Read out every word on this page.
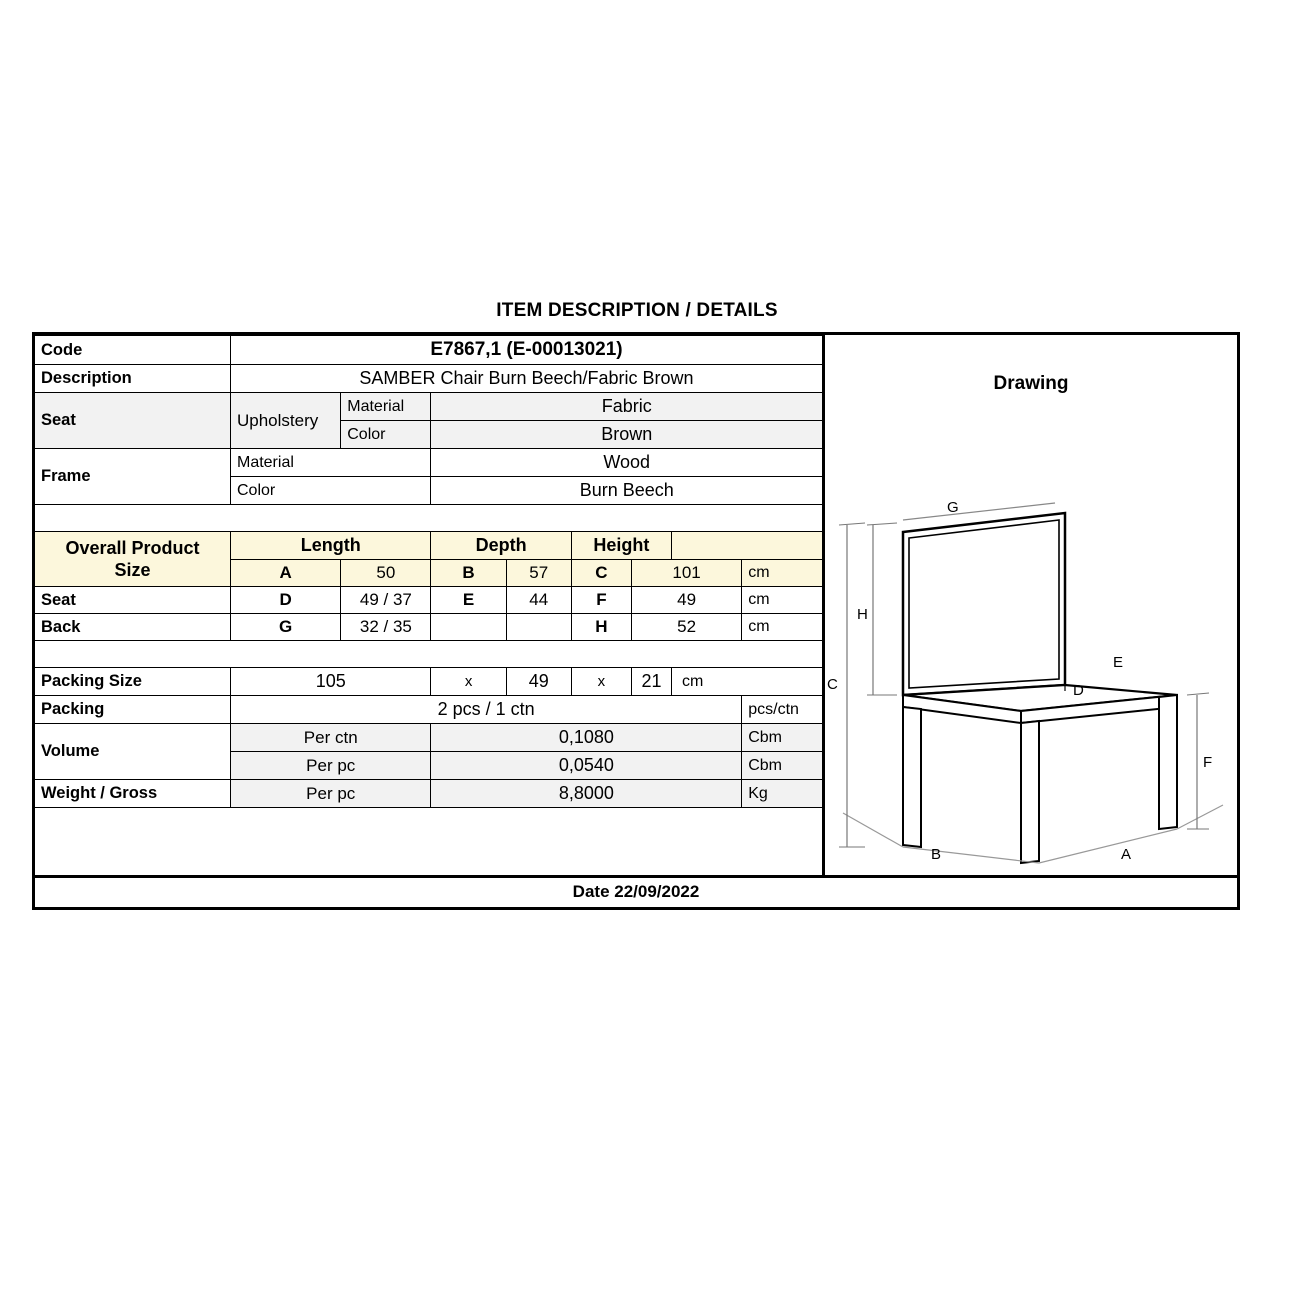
ITEM DESCRIPTION / DETAILS
Code	E7867,1 (E-00013021)							
Description	SAMBER Chair Burn Beech/Fabric Brown							
Seat	Upholstery	Material	Fabric					
		Color	Brown					
Frame	Material		Wood					
	Color		Burn Beech					

Overall Product
Size	Length		Depth		Height			
	A	50	B	57	C	101		cm
Seat	D	49 / 37	E	44	F	49		cm
Back	G	32 / 35			H	52		cm

Packing Size	105		x	49	x	21	cm	
Packing	2 pcs / 1 ctn							pcs/ctn
Volume	Per ctn		0,1080					Cbm
	Per pc		0,0540					Cbm
Weight / Gross	Per pc		8,8000					Kg
Drawing
G
H
C
F
E
D
B	A
Date 22/09/2022
